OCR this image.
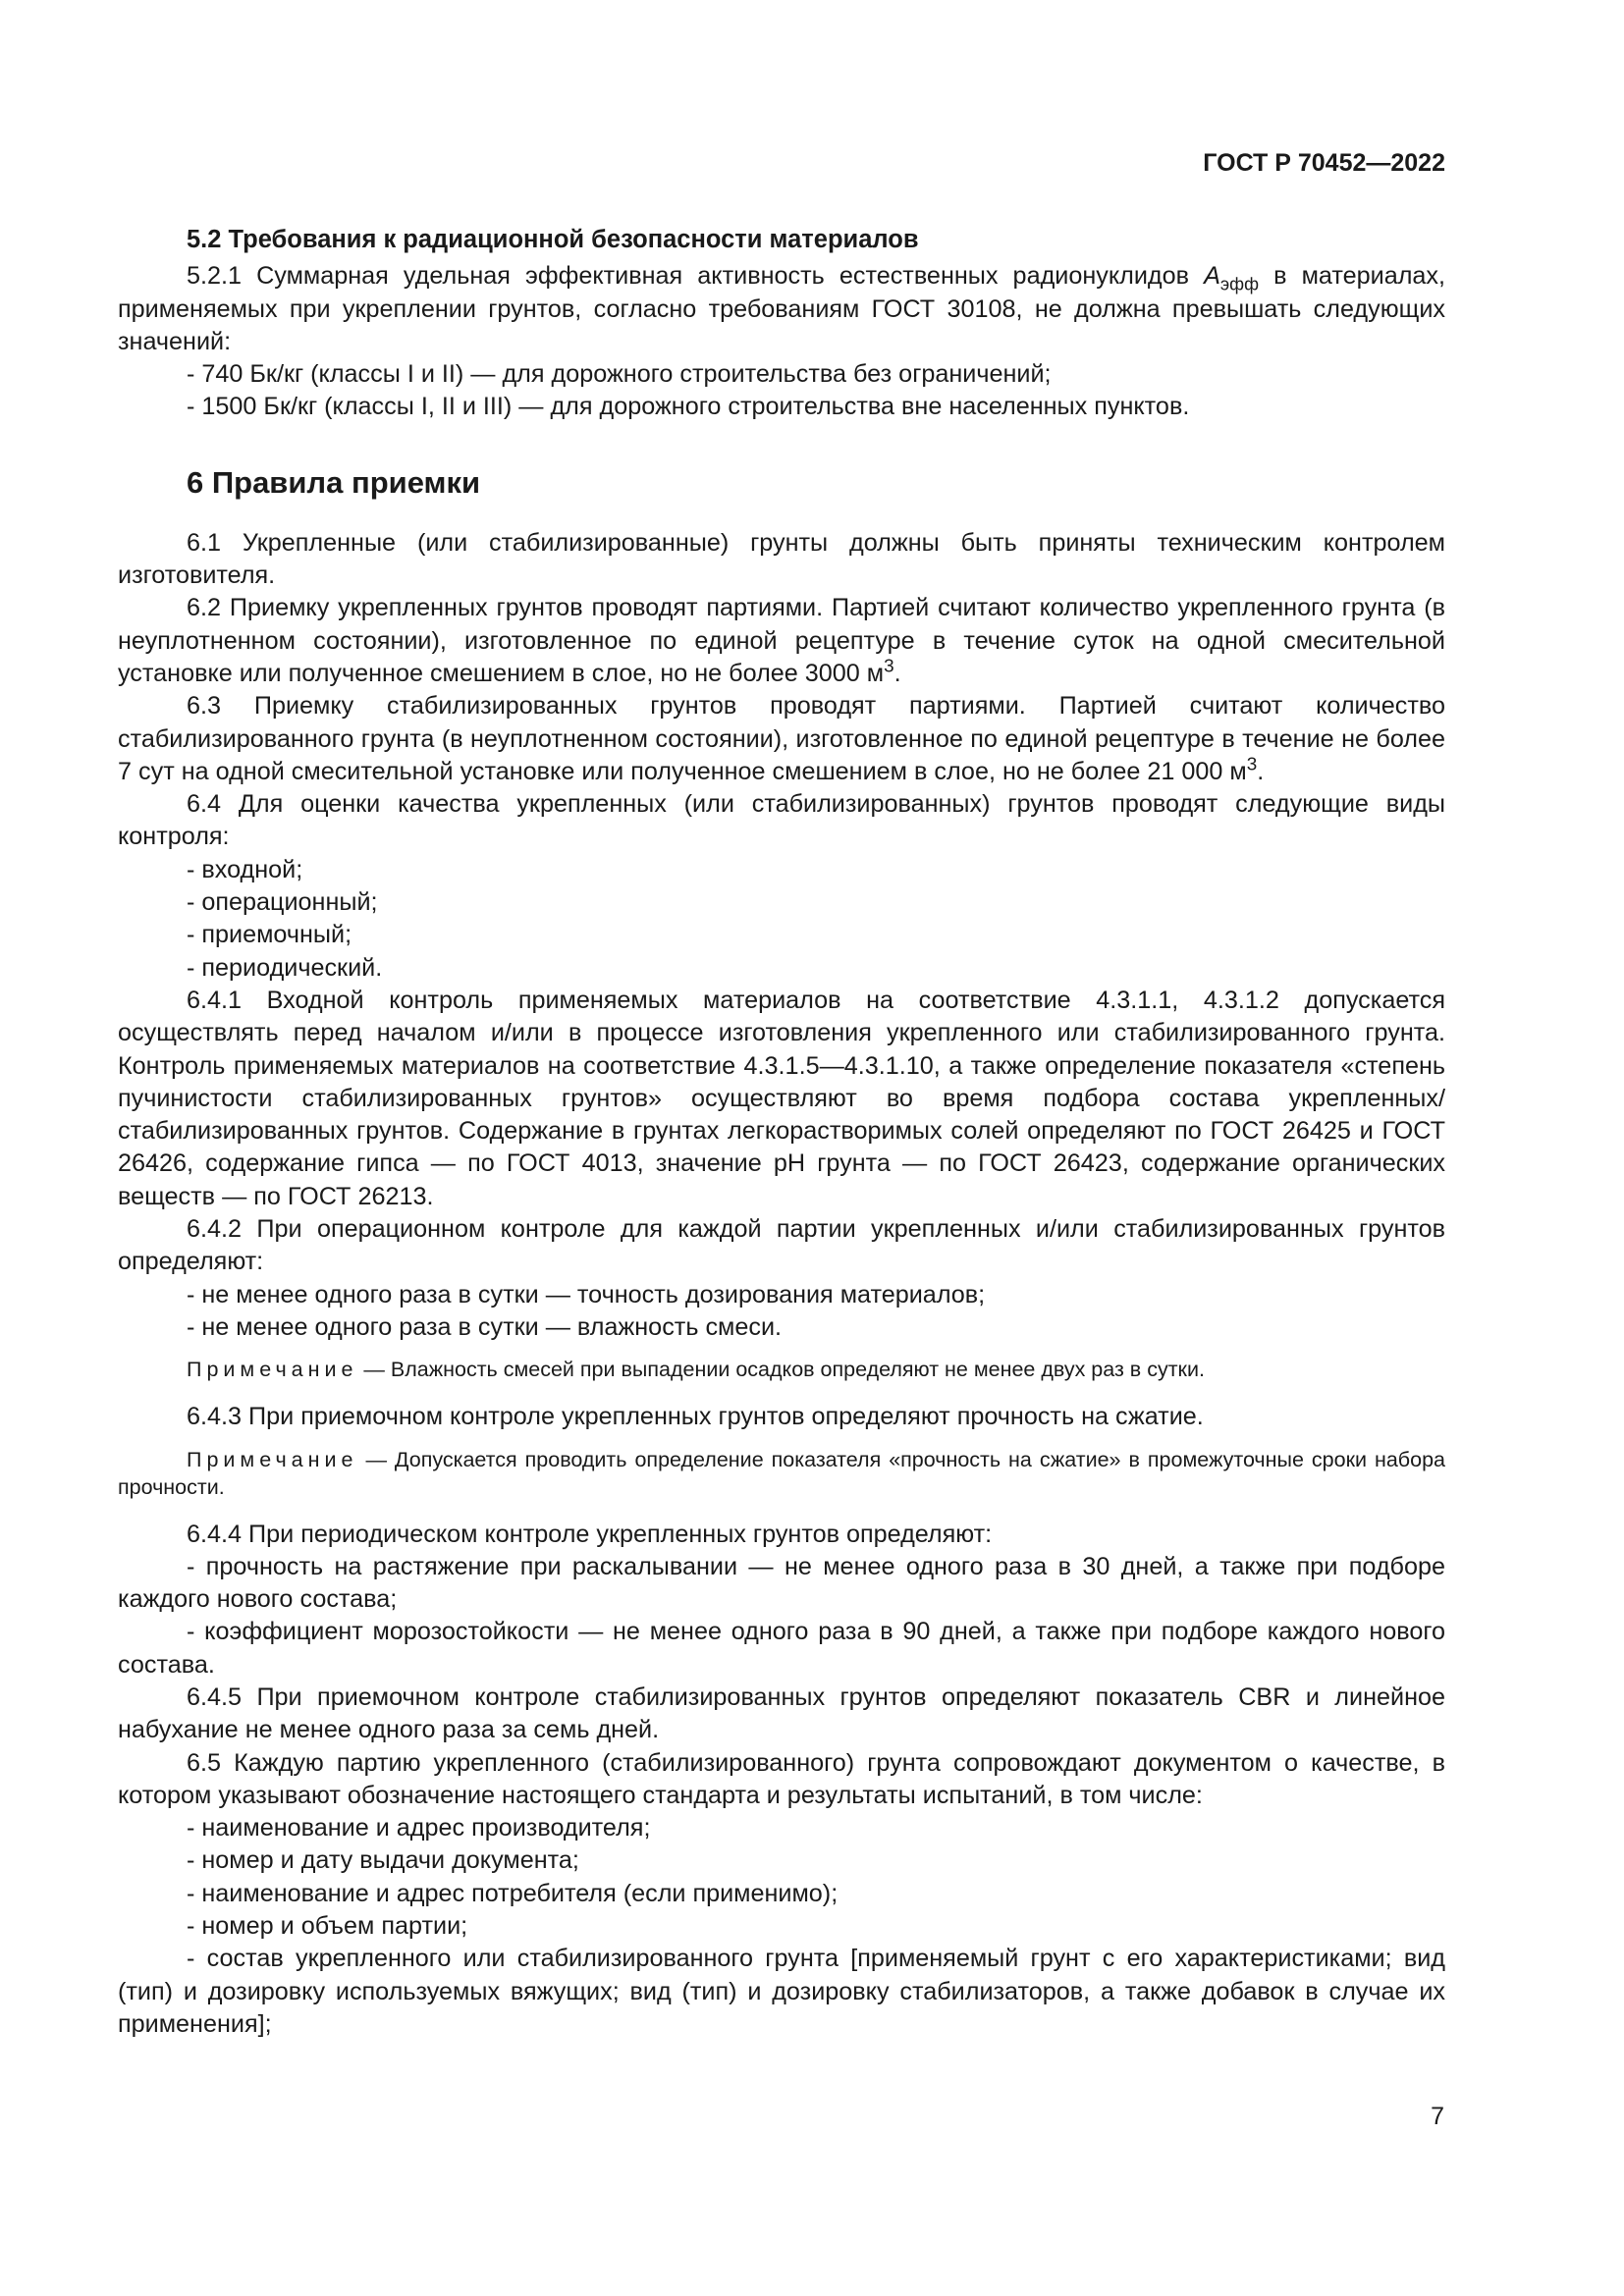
ГОСТ Р 70452—2022

5.2 Требования к радиационной безопасности материалов

5.2.1 Суммарная удельная эффективная активность естественных радионуклидов $А_{эфф}$ в материалах, применяемых при укреплении грунтов, согласно требованиям ГОСТ 30108, не должна превышать следующих значений:

- 740 Бк/кг (классы I и II) — для дорожного строительства без ограничений;

- 1500 Бк/кг (классы I, II и III) — для дорожного строительства вне населенных пунктов.

6 Правила приемки

6.1 Укрепленные (или стабилизированные) грунты должны быть приняты техническим контролем изготовителя.

6.2 Приемку укрепленных грунтов проводят партиями. Партией считают количество укрепленного грунта (в неуплотненном состоянии), изготовленное по единой рецептуре в течение суток на одной смесительной установке или полученное смешением в слое, но не более 3000 $м^3$.

6.3 Приемку стабилизированных грунтов проводят партиями. Партией считают количество стабилизированного грунта (в неуплотненном состоянии), изготовленное по единой рецептуре в течение не более 7 сут на одной смесительной установке или полученное смешением в слое, но не более 21 000 $м^3$.

6.4 Для оценки качества укрепленных (или стабилизированных) грунтов проводят следующие виды контроля:

- входной;

- операционный;

- приемочный;

- периодический.

6.4.1 Входной контроль применяемых материалов на соответствие 4.3.1.1, 4.3.1.2 допускается осуществлять перед началом и/или в процессе изготовления укрепленного или стабилизированного грунта. Контроль применяемых материалов на соответствие 4.3.1.5—4.3.1.10, а также определение показателя «степень пучинистости стабилизированных грунтов» осуществляют во время подбора состава укрепленных/стабилизированных грунтов. Содержание в грунтах легкорастворимых солей определяют по ГОСТ 26425 и ГОСТ 26426, содержание гипса — по ГОСТ 4013, значение pH грунта — по ГОСТ 26423, содержание органических веществ — по ГОСТ 26213.

6.4.2 При операционном контроле для каждой партии укрепленных и/или стабилизированных грунтов определяют:

- не менее одного раза в сутки — точность дозирования материалов;

- не менее одного раза в сутки — влажность смеси.

Примечание — Влажность смесей при выпадении осадков определяют не менее двух раз в сутки.

6.4.3 При приемочном контроле укрепленных грунтов определяют прочность на сжатие.

Примечание — Допускается проводить определение показателя «прочность на сжатие» в промежуточные сроки набора прочности.

6.4.4 При периодическом контроле укрепленных грунтов определяют:

- прочность на растяжение при раскалывании — не менее одного раза в 30 дней, а также при подборе каждого нового состава;

- коэффициент морозостойкости — не менее одного раза в 90 дней, а также при подборе каждого нового состава.

6.4.5 При приемочном контроле стабилизированных грунтов определяют показатель CBR и линейное набухание не менее одного раза за семь дней.

6.5 Каждую партию укрепленного (стабилизированного) грунта сопровождают документом о качестве, в котором указывают обозначение настоящего стандарта и результаты испытаний, в том числе:

- наименование и адрес производителя;

- номер и дату выдачи документа;

- наименование и адрес потребителя (если применимо);

- номер и объем партии;

- состав укрепленного или стабилизированного грунта [применяемый грунт с его характеристиками; вид (тип) и дозировку используемых вяжущих; вид (тип) и дозировку стабилизаторов, а также добавок в случае их применения];

7
